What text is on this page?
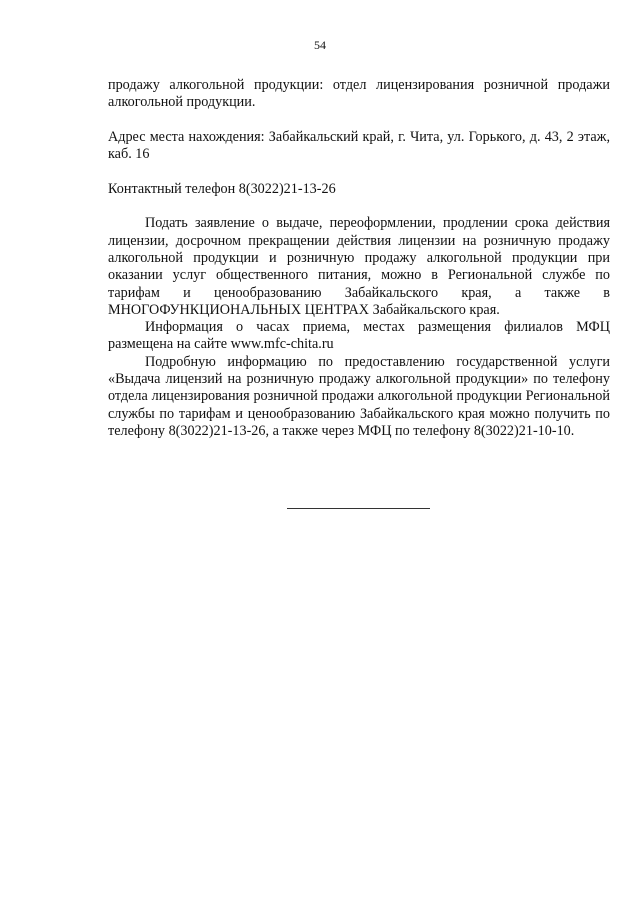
54

продажу алкогольной продукции: отдел лицензирования розничной продажи алкогольной продукции.

Адрес места нахождения: Забайкальский край, г. Чита, ул. Горького, д. 43, 2 этаж, каб. 16

Контактный телефон 8(3022)21-13-26

Подать заявление о выдаче, переоформлении, продлении срока действия лицензии, досрочном прекращении действия лицензии на розничную продажу алкогольной продукции и розничную продажу алкогольной продукции при оказании услуг общественного питания, можно в Региональной службе по тарифам и ценообразованию Забайкальского края, а также в МНОГОФУНКЦИОНАЛЬНЫХ ЦЕНТРАХ Забайкальского края.

Информация о часах приема, местах размещения филиалов МФЦ размещена на сайте www.mfc-chita.ru

Подробную информацию по предоставлению государственной услуги «Выдача лицензий на розничную продажу алкогольной продукции» по телефону отдела лицензирования розничной продажи алкогольной продукции Региональной службы по тарифам и ценообразованию Забайкальского края можно получить по телефону 8(3022)21-13-26, а также через МФЦ по телефону 8(3022)21-10-10.
